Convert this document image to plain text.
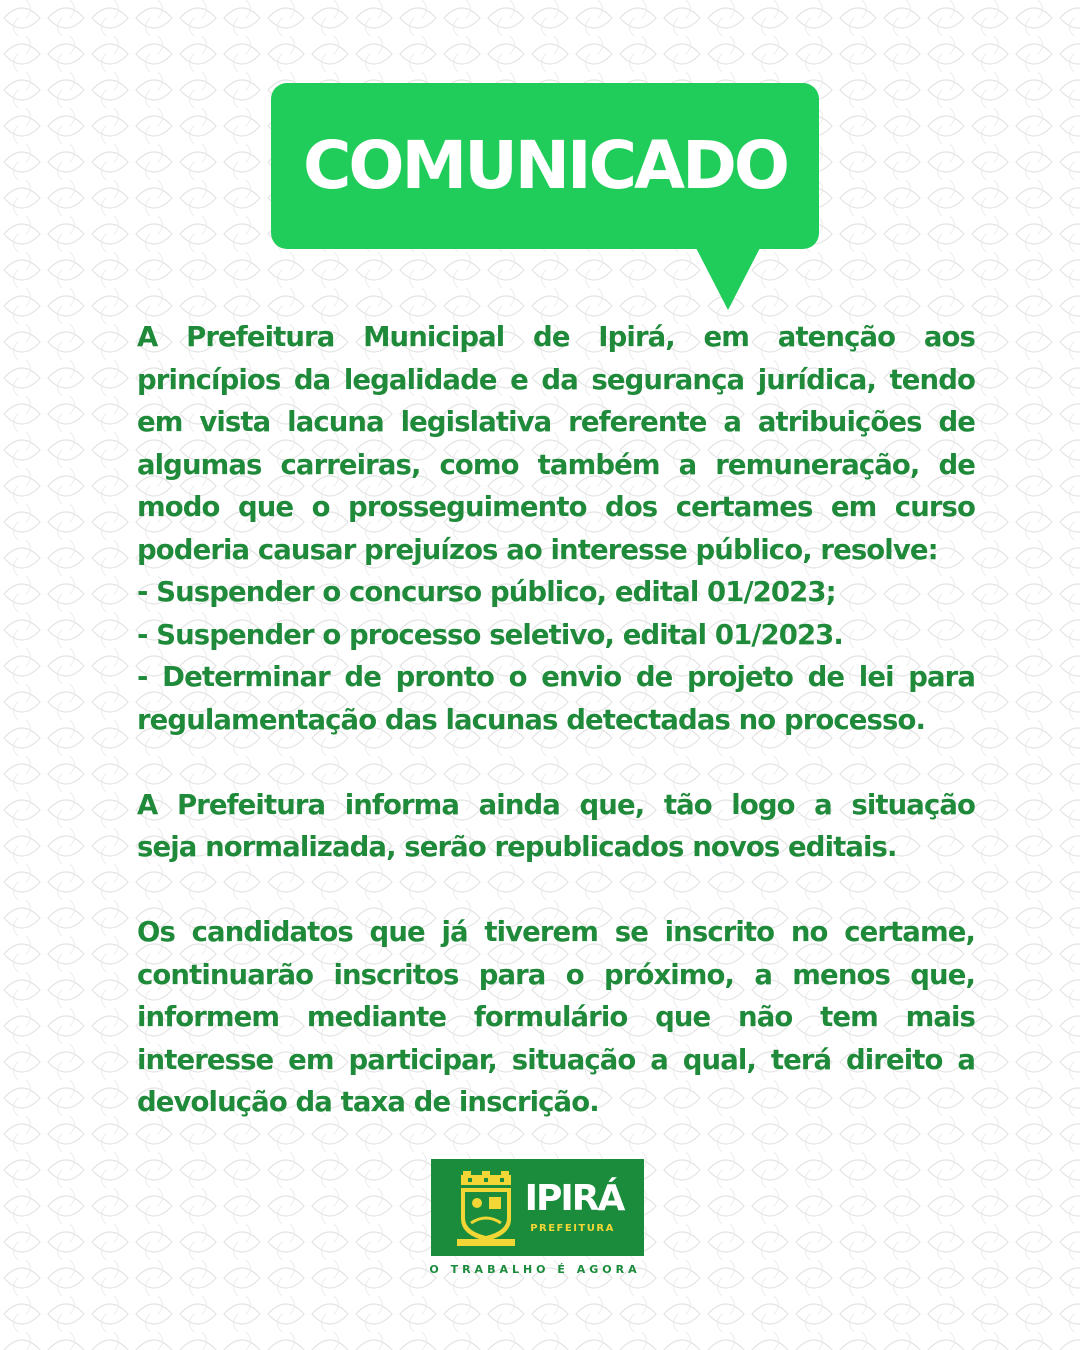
COMUNICADO
A Prefeitura Municipal de Ipirá, em atenção aos
princípios da legalidade e da segurança jurídica, tendo
em vista lacuna legislativa referente a atribuições de
algumas carreiras, como também a remuneração, de
modo que o prosseguimento dos certames em curso
poderia causar prejuízos ao interesse público, resolve:
- Suspender o concurso público, edital 01/2023;
- Suspender o processo seletivo, edital 01/2023.
- Determinar de pronto o envio de projeto de lei para
regulamentação das lacunas detectadas no processo.
A Prefeitura informa ainda que, tão logo a situação
seja normalizada, serão republicados novos editais.
Os candidatos que já tiverem se inscrito no certame,
continuarão inscritos para o próximo, a menos que,
informem mediante formulário que não tem mais
interesse em participar, situação a qual, terá direito a
devolução da taxa de inscrição.
IPIRÁ
PREFEITURA
O TRABALHO É AGORA
